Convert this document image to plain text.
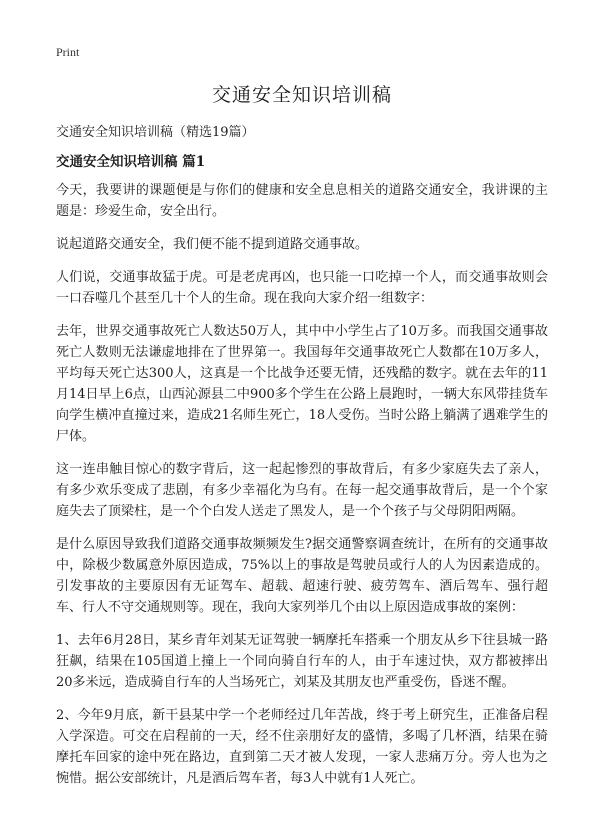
Print
交通安全知识培训稿

交通安全知识培训稿（精选19篇）

交通安全知识培训稿 篇1

今天，我要讲的课题便是与你们的健康和安全息息相关的道路交通安全，我讲课的主题是：珍爱生命，安全出行。

说起道路交通安全，我们便不能不提到道路交通事故。

人们说，交通事故猛于虎。可是老虎再凶，也只能一口吃掉一个人，而交通事故则会一口吞噬几个甚至几十个人的生命。现在我向大家介绍一组数字：

去年，世界交通事故死亡人数达50万人，其中中小学生占了10万多。而我国交通事故死亡人数则无法谦虚地排在了世界第一。我国每年交通事故死亡人数都在10万多人，平均每天死亡达300人，这真是一个比战争还要无情，还残酷的数字。就在去年的11月14日早上6点，山西沁源县二中900多个学生在公路上晨跑时，一辆大东风带挂货车向学生横冲直撞过来，造成21名师生死亡，18人受伤。当时公路上躺满了遇难学生的尸体。

这一连串触目惊心的数字背后，这一起起惨烈的事故背后，有多少家庭失去了亲人，有多少欢乐变成了悲剧，有多少幸福化为乌有。在每一起交通事故背后，是一个个家庭失去了顶梁柱，是一个个白发人送走了黑发人，是一个个孩子与父母阴阳两隔。

是什么原因导致我们道路交通事故频频发生?据交通警察调查统计，在所有的交通事故中，除极少数属意外原因造成，75%以上的事故是驾驶员或行人的人为因素造成的。引发事故的主要原因有无证驾车、超载、超速行驶、疲劳驾车、酒后驾车、强行超车、行人不守交通规则等。现在，我向大家列举几个由以上原因造成事故的案例：

1、去年6月28日，某乡青年刘某无证驾驶一辆摩托车搭乘一个朋友从乡下往县城一路狂飙，结果在105国道上撞上一个同向骑自行车的人，由于车速过快，双方都被摔出20多米远，造成骑自行车的人当场死亡，刘某及其朋友也严重受伤，昏迷不醒。

2、今年9月底，新干县某中学一个老师经过几年苦战，终于考上研究生，正准备启程入学深造。可交在启程前的一天，经不住亲朋好友的盛情，多喝了几杯酒，结果在骑摩托车回家的途中死在路边，直到第二天才被人发现，一家人悲痛万分。旁人也为之惋惜。据公安部统计，凡是酒后驾车者，每3人中就有1人死亡。
